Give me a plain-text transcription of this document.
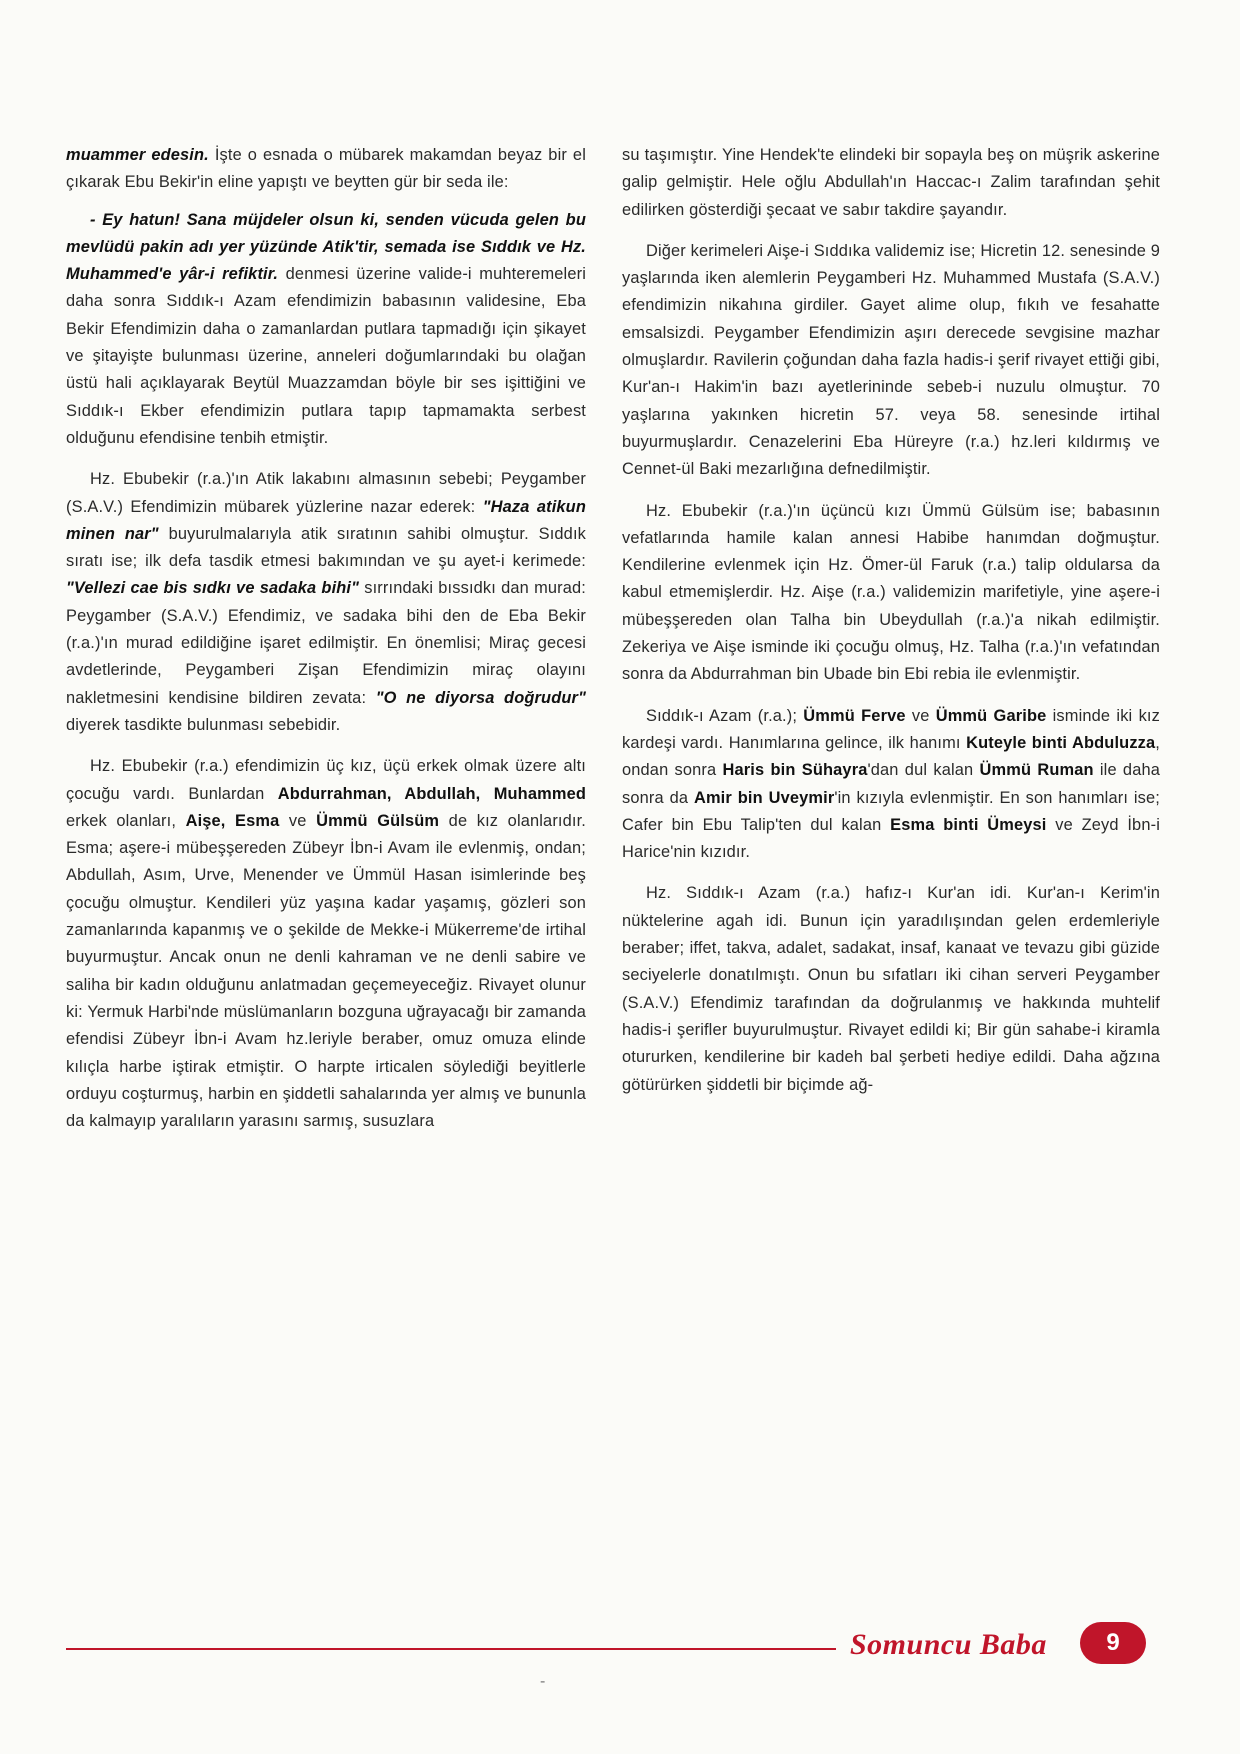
muammer edesin. İşte o esnada o mübarek makamdan beyaz bir el çıkarak Ebu Bekir'in eline yapıştı ve beytten gür bir seda ile:

- Ey hatun! Sana müjdeler olsun ki, senden vücuda gelen bu mevlüdü pakin adı yer yüzünde Atik'tir, semada ise Sıddık ve Hz. Muhammed'e yâr-i refiktir. denmesi üzerine valide-i muhteremeleri daha sonra Sıddık-ı Azam efendimizin babasının validesine, Eba Bekir Efendimizin daha o zamanlardan putlara tapmadığı için şikayet ve şitayişte bulunması üzerine, anneleri doğumlarındaki bu olağan üstü hali açıklayarak Beytül Muazzamdan böyle bir ses işittiğini ve Sıddık-ı Ekber efendimizin putlara tapıp tapmamakta serbest olduğunu efendisine tenbih etmiştir.

Hz. Ebubekir (r.a.)'ın Atik lakabını almasının sebebi; Peygamber (S.A.V.) Efendimizin mübarek yüzlerine nazar ederek: "Haza atikun minen nar" buyurulmalarıyla atik sıratının sahibi olmuştur. Sıddık sıratı ise; ilk defa tasdik etmesi bakımından ve şu ayet-i kerimede: "Vellezi cae bis sıdkı ve sadaka bihi" sırrındaki bıssıdkı dan murad: Peygamber (S.A.V.) Efendimiz, ve sadaka bihi den de Eba Bekir (r.a.)'ın murad edildiğine işaret edilmiştir. En önemlisi; Miraç gecesi avdetlerinde, Peygamberi Zişan Efendimizin miraç olayını nakletmesini kendisine bildiren zevata: "O ne diyorsa doğrudur" diyerek tasdikte bulunması sebebidir.

Hz. Ebubekir (r.a.) efendimizin üç kız, üçü erkek olmak üzere altı çocuğu vardı. Bunlardan Abdurrahman, Abdullah, Muhammed erkek olanları, Aişe, Esma ve Ümmü Gülsüm de kız olanlarıdır. Esma; aşere-i mübeşşereden Zübeyr İbn-i Avam ile evlenmiş, ondan; Abdullah, Asım, Urve, Menender ve Ümmül Hasan isimlerinde beş çocuğu olmuştur. Kendileri yüz yaşına kadar yaşamış, gözleri son zamanlarında kapanmış ve o şekilde de Mekke-i Mükerreme'de irtihal buyurmuştur. Ancak onun ne denli kahraman ve ne denli sabire ve saliha bir kadın olduğunu anlatmadan geçemeyeceğiz. Rivayet olunur ki: Yermuk Harbi'nde müslümanların bozguna uğrayacağı bir zamanda efendisi Zübeyr İbn-i Avam hz.leriyle beraber, omuz omuza elinde kılıçla harbe iştirak etmiştir. O harpte irticalen söylediği beyitlerle orduyu coşturmuş, harbin en şiddetli sahalarında yer almış ve bununla da kalmayıp yaralıların yarasını sarmış, susuzlara

su taşımıştır. Yine Hendek'te elindeki bir sopayla beş on müşrik askerine galip gelmiştir. Hele oğlu Abdullah'ın Haccac-ı Zalim tarafından şehit edilirken gösterdiği şecaat ve sabır takdire şayandır.

Diğer kerimeleri Aişe-i Sıddıka validemiz ise; Hicretin 12. senesinde 9 yaşlarında iken alemlerin Peygamberi Hz. Muhammed Mustafa (S.A.V.) efendimizin nikahına girdiler. Gayet alime olup, fıkıh ve fesahatte emsalsizdi. Peygamber Efendimizin aşırı derecede sevgisine mazhar olmuşlardır. Ravilerin çoğundan daha fazla hadis-i şerif rivayet ettiği gibi, Kur'an-ı Hakim'in bazı ayetlerininde sebeb-i nuzulu olmuştur. 70 yaşlarına yakınken hicretin 57. veya 58. senesinde irtihal buyurmuşlardır. Cenazelerini Eba Hüreyre (r.a.) hz.leri kıldırmış ve Cennet-ül Baki mezarlığına defnedilmiştir.

Hz. Ebubekir (r.a.)'ın üçüncü kızı Ümmü Gülsüm ise; babasının vefatlarında hamile kalan annesi Habibe hanımdan doğmuştur. Kendilerine evlenmek için Hz. Ömer-ül Faruk (r.a.) talip oldularsa da kabul etmemişlerdir. Hz. Aişe (r.a.) validemizin marifetiyle, yine aşere-i mübeşşereden olan Talha bin Ubeydullah (r.a.)'a nikah edilmiştir. Zekeriya ve Aişe isminde iki çocuğu olmuş, Hz. Talha (r.a.)'ın vefatından sonra da Abdurrahman bin Ubade bin Ebi rebia ile evlenmiştir.

Sıddık-ı Azam (r.a.); Ümmü Ferve ve Ümmü Garibe isminde iki kız kardeşi vardı. Hanımlarına gelince, ilk hanımı Kuteyle binti Abduluzza, ondan sonra Haris bin Sühayra'dan dul kalan Ümmü Ruman ile daha sonra da Amir bin Uveymir'in kızıyla evlenmiştir. En son hanımları ise; Cafer bin Ebu Talip'ten dul kalan Esma binti Ümeysi ve Zeyd İbn-i Harice'nin kızıdır.

Hz. Sıddık-ı Azam (r.a.) hafız-ı Kur'an idi. Kur'an-ı Kerim'in nüktelerine agah idi. Bunun için yaradılışından gelen erdemleriyle beraber; iffet, takva, adalet, sadakat, insaf, kanaat ve tevazu gibi güzide seciyelerle donatılmıştı. Onun bu sıfatları iki cihan serveri Peygamber (S.A.V.) Efendimiz tarafından da doğrulanmış ve hakkında muhtelif hadis-i şerifler buyurulmuştur. Rivayet edildi ki; Bir gün sahabe-i kiramla otururken, kendilerine bir kadeh bal şerbeti hediye edildi. Daha ağzına götürürken şiddetli bir biçimde ağ-

Somuncu Baba	9
-
